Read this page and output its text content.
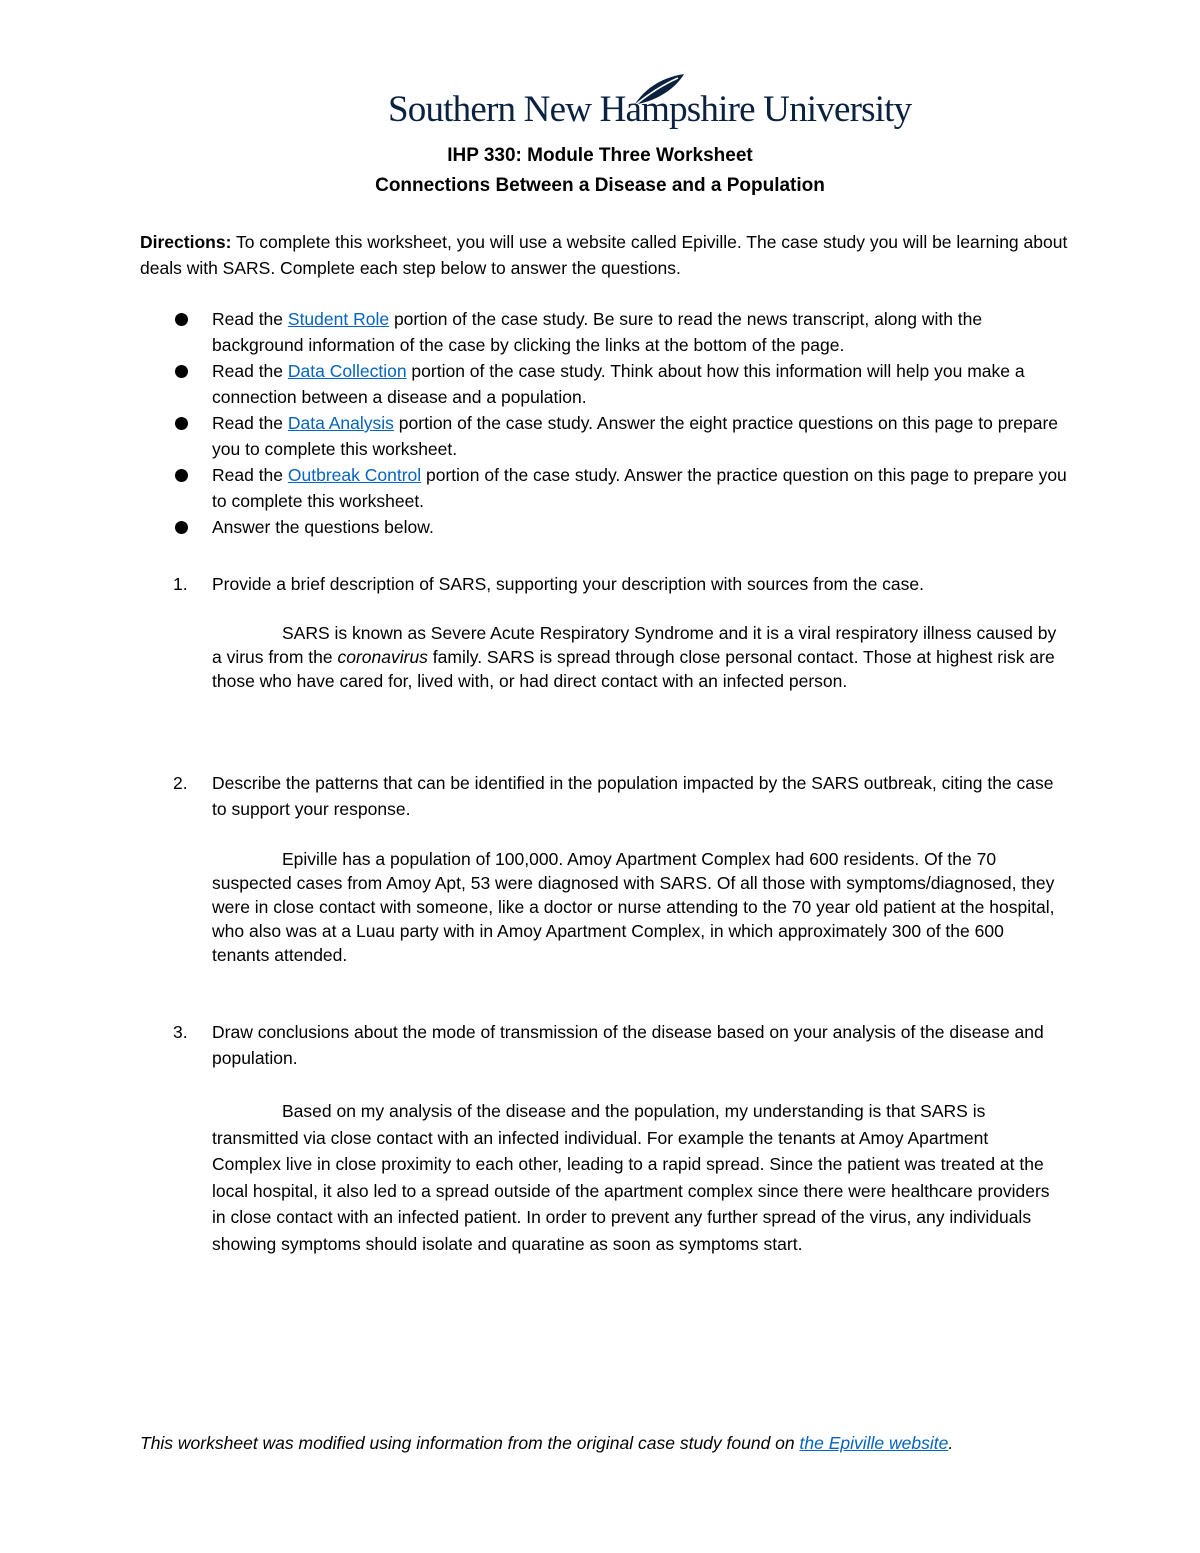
Southern New Hampshire University
IHP 330: Module Three Worksheet
Connections Between a Disease and a Population
Directions: To complete this worksheet, you will use a website called Epiville. The case study you will be learning about deals with SARS. Complete each step below to answer the questions.
Read the Student Role portion of the case study. Be sure to read the news transcript, along with the background information of the case by clicking the links at the bottom of the page.
Read the Data Collection portion of the case study. Think about how this information will help you make a connection between a disease and a population.
Read the Data Analysis portion of the case study. Answer the eight practice questions on this page to prepare you to complete this worksheet.
Read the Outbreak Control portion of the case study. Answer the practice question on this page to prepare you to complete this worksheet.
Answer the questions below.
1.	Provide a brief description of SARS, supporting your description with sources from the case.
SARS is known as Severe Acute Respiratory Syndrome and it is a viral respiratory illness caused by a virus from the coronavirus family. SARS is spread through close personal contact. Those at highest risk are those who have cared for, lived with, or had direct contact with an infected person.
2.	Describe the patterns that can be identified in the population impacted by the SARS outbreak, citing the case to support your response.
Epiville has a population of 100,000. Amoy Apartment Complex had 600 residents. Of the 70 suspected cases from Amoy Apt, 53 were diagnosed with SARS. Of all those with symptoms/diagnosed, they were in close contact with someone, like a doctor or nurse attending to the 70 year old patient at the hospital, who also was at a Luau party with in Amoy Apartment Complex, in which approximately 300 of the 600 tenants attended.
3.	Draw conclusions about the mode of transmission of the disease based on your analysis of the disease and population.
Based on my analysis of the disease and the population, my understanding is that SARS is transmitted via close contact with an infected individual. For example the tenants at Amoy Apartment Complex live in close proximity to each other, leading to a rapid spread. Since the patient was treated at the local hospital, it also led to a spread outside of the apartment complex since there were healthcare providers in close contact with an infected patient. In order to prevent any further spread of the virus, any individuals showing symptoms should isolate and quaratine as soon as symptoms start.
This worksheet was modified using information from the original case study found on the Epiville website.
